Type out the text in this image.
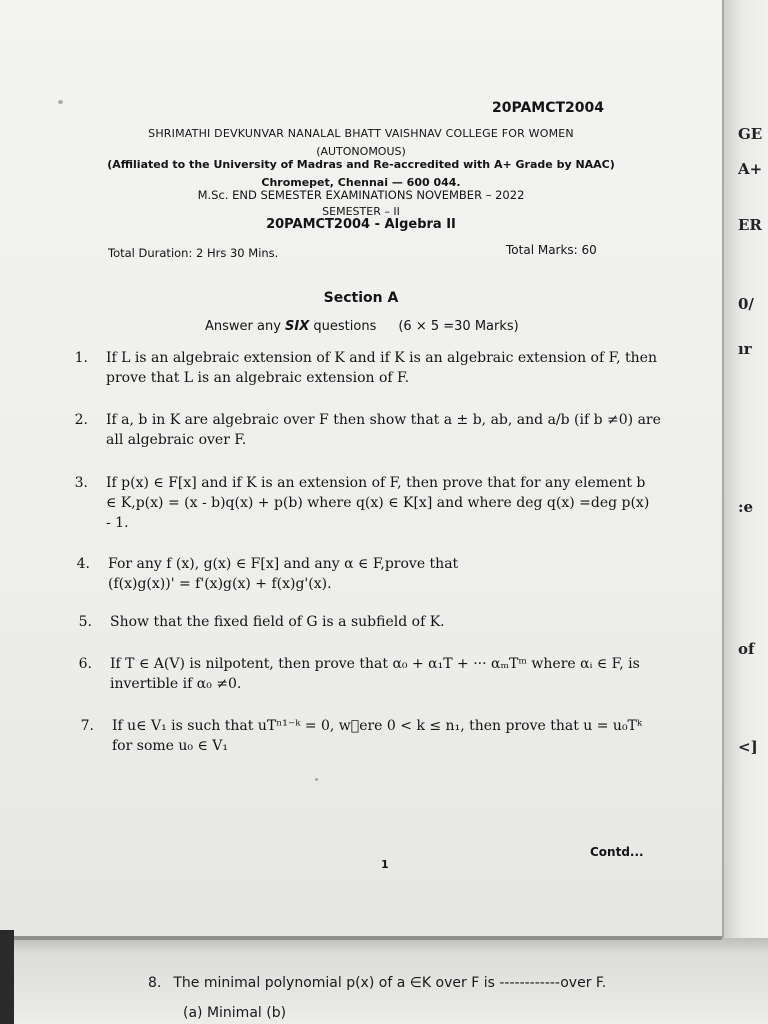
GE
A+
ER
0/
ır
:e
of
<]
20PAMCT2004
SHRIMATHI DEVKUNVAR NANALAL BHATT VAISHNAV COLLEGE FOR WOMEN
(AUTONOMOUS)
(Affiliated to the University of Madras and Re-accredited with A+ Grade by NAAC)
Chromepet, Chennai — 600 044.
M.Sc. END SEMESTER EXAMINATIONS NOVEMBER – 2022
SEMESTER – II
20PAMCT2004 - Algebra II
Total Duration: 2 Hrs 30 Mins.	Total Marks: 60
Section A
Answer any SIX questions (6 × 5 =30 Marks)
1. If L is an algebraic extension of K and if K is an algebraic extension of F, then prove that L is an algebraic extension of F.
2. If a, b in K are algebraic over F then show that a ± b, ab, and a/b (if b ≠0) are all algebraic over F.
3. If p(x) ∈ F[x] and if K is an extension of F, then prove that for any element b ∈ K,p(x) = (x - b)q(x) + p(b) where q(x) ∈ K[x] and where deg q(x) =deg p(x) - 1.
4. For any f (x), g(x) ∈ F[x] and any α ∈ F,prove that (f(x)g(x))' = f'(x)g(x) + f(x)g'(x).
5. Show that the fixed field of G is a subfield of K.
6. If T ∈ A(V) is nilpotent, then prove that α₀ + α₁T + ··· αₘTᵐ where αᵢ ∈ F, is invertible if α₀ ≠0.
7. If u∈ V₁ is such that uTⁿ¹⁻ᵏ = 0, w ere 0 < k ≤ n₁, then prove that u = u₀Tᵏ for some u₀ ∈ V₁
1
Contd...
8. The minimal polynomial p(x) of a ∈K over F is ------------over F.
(a) Minimal (b)
